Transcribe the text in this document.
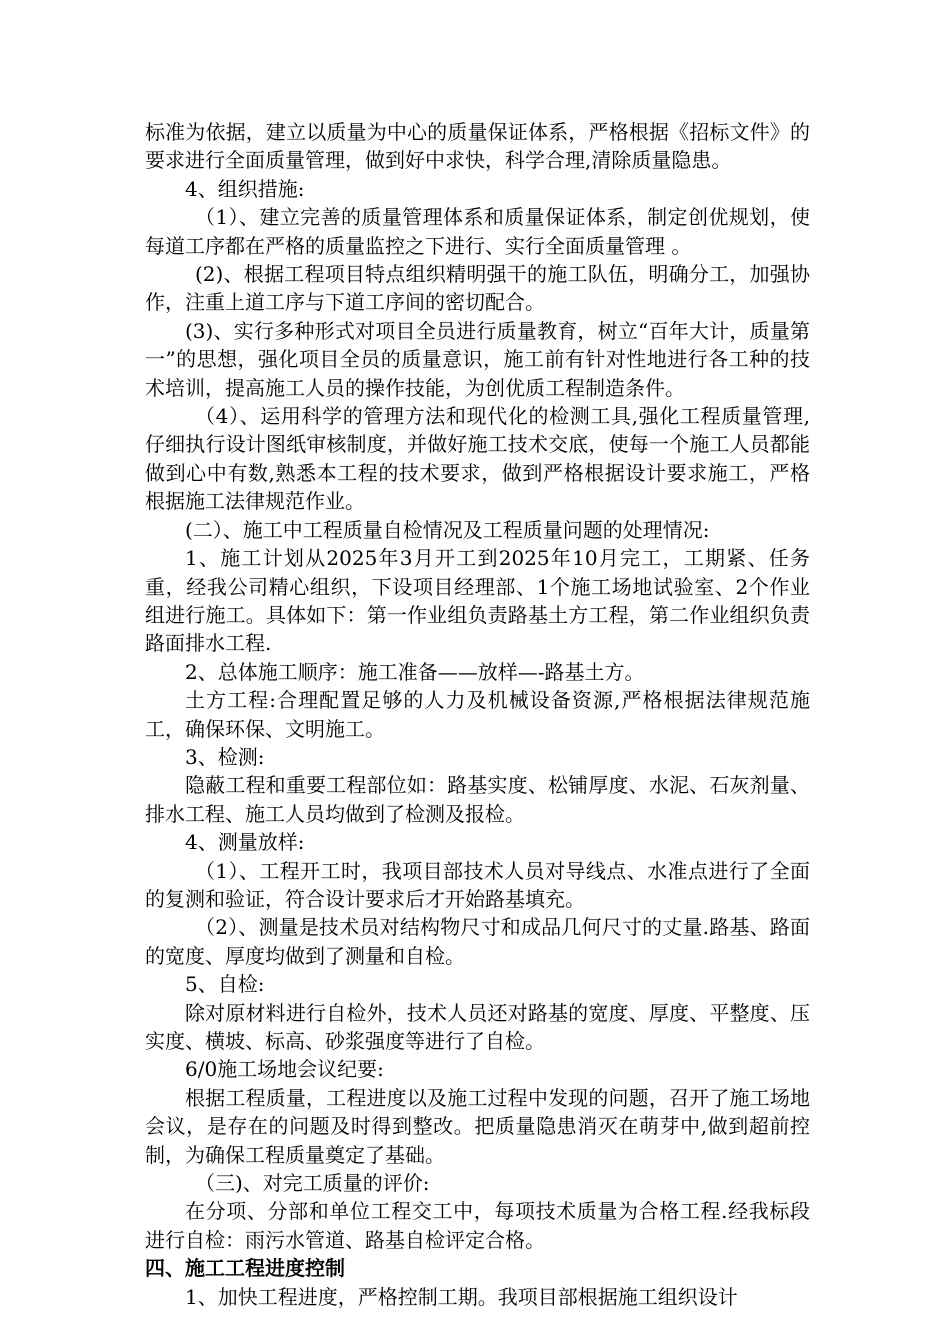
标准为依据，建立以质量为中心的质量保证体系，严格根据《招标文件》的要求进行全面质量管理，做到好中求快，科学合理,清除质量隐患。

4、组织措施:

（1）、建立完善的质量管理体系和质量保证体系，制定创优规划，使每道工序都在严格的质量监控之下进行、实行全面质量管理 。

(2)、根据工程项目特点组织精明强干的施工队伍，明确分工，加强协作，注重上道工序与下道工序间的密切配合。

(3)、实行多种形式对项目全员进行质量教育，树立“百年大计，质量第一”的思想，强化项目全员的质量意识，施工前有针对性地进行各工种的技术培训，提高施工人员的操作技能，为创优质工程制造条件。

（4）、运用科学的管理方法和现代化的检测工具,强化工程质量管理,仔细执行设计图纸审核制度，并做好施工技术交底，使每一个施工人员都能做到心中有数,熟悉本工程的技术要求，做到严格根据设计要求施工，严格根据施工法律规范作业。

(二）、施工中工程质量自检情况及工程质量问题的处理情况:

1、施工计划从2025年3月开工到2025年10月完工，工期紧、任务重，经我公司精心组织，下设项目经理部、1个施工场地试验室、2个作业组进行施工。具体如下：第一作业组负责路基土方工程，第二作业组织负责路面排水工程.

2、总体施工顺序：施工准备——放样—-路基土方。

土方工程:合理配置足够的人力及机械设备资源,严格根据法律规范施工，确保环保、文明施工。

3、检测:

隐蔽工程和重要工程部位如：路基实度、松铺厚度、水泥、石灰剂量、排水工程、施工人员均做到了检测及报检。

4、测量放样:

（1）、工程开工时，我项目部技术人员对导线点、水准点进行了全面的复测和验证，符合设计要求后才开始路基填充。

（2）、测量是技术员对结构物尺寸和成品几何尺寸的丈量.路基、路面的宽度、厚度均做到了测量和自检。

5、自检:

除对原材料进行自检外，技术人员还对路基的宽度、厚度、平整度、压实度、横坡、标高、砂浆强度等进行了自检。

6/0施工场地会议纪要:

根据工程质量，工程进度以及施工过程中发现的问题，召开了施工场地会议，是存在的问题及时得到整改。把质量隐患消灭在萌芽中,做到超前控制，为确保工程质量奠定了基础。

（三)、对完工质量的评价:

在分项、分部和单位工程交工中，每项技术质量为合格工程.经我标段进行自检：雨污水管道、路基自检评定合格。

四、施工工程进度控制

1、加快工程进度，严格控制工期。我项目部根据施工组织设计
